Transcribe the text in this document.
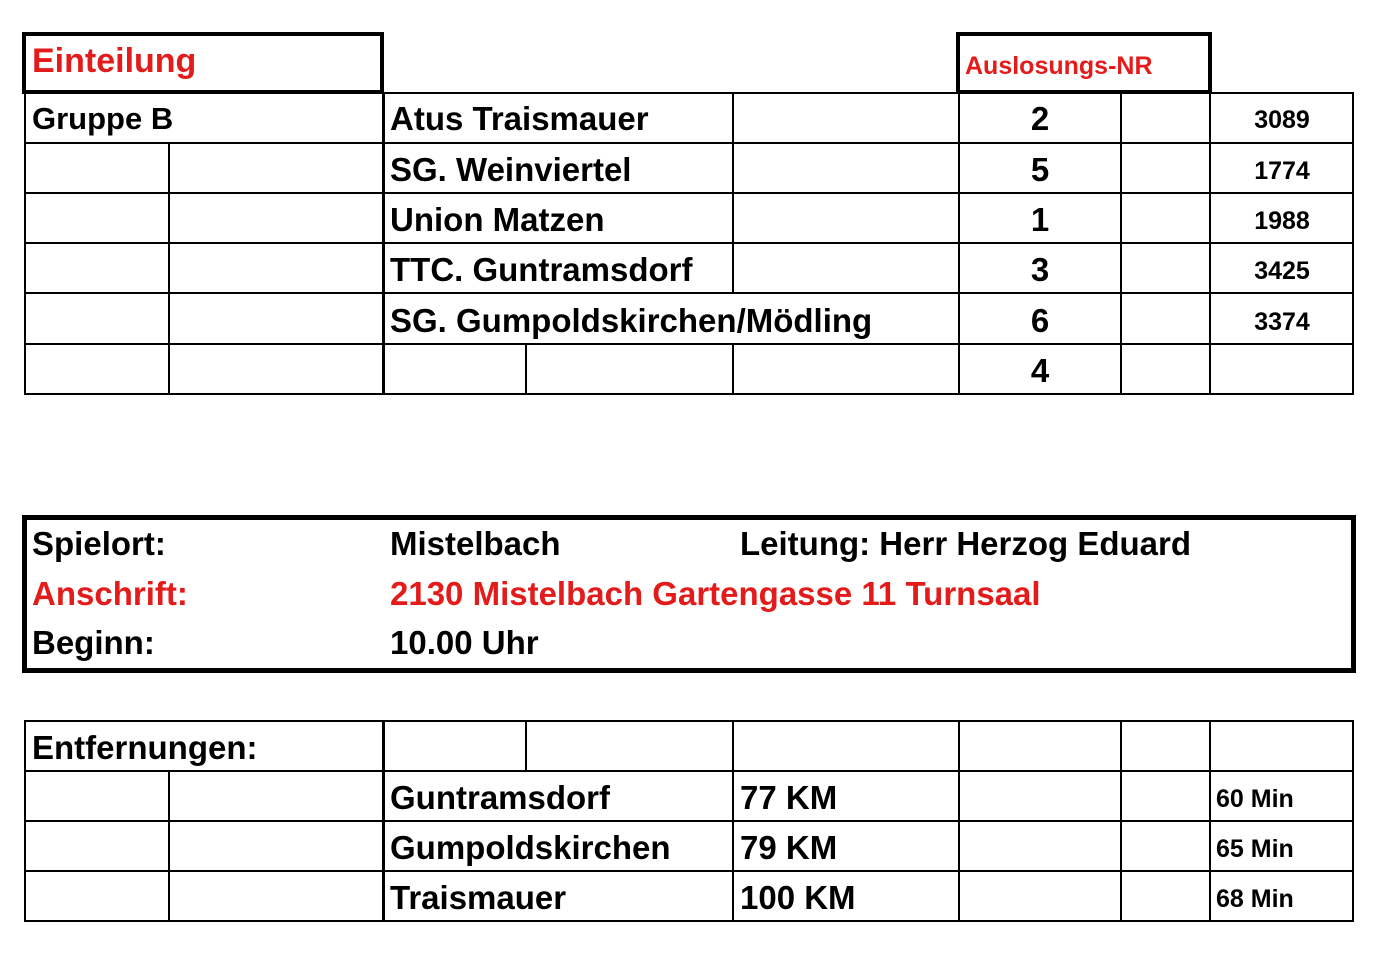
Einteilung	Auslosungs-NR
Gruppe B	Atus Traismauer	2	3089
SG. Weinviertel	5	1774
Union Matzen	1	1988
TTC. Guntramsdorf	3	3425
SG. Gumpoldskirchen/Mödling	6	3374
4
Spielort:	Mistelbach	Leitung: Herr Herzog Eduard
Anschrift:	2130 Mistelbach Gartengasse 11 Turnsaal
Beginn:	10.00 Uhr
Entfernungen:
Guntramsdorf	77 KM	60 Min
Gumpoldskirchen 79 KM	65 Min
Traismauer	100 KM	68 Min
